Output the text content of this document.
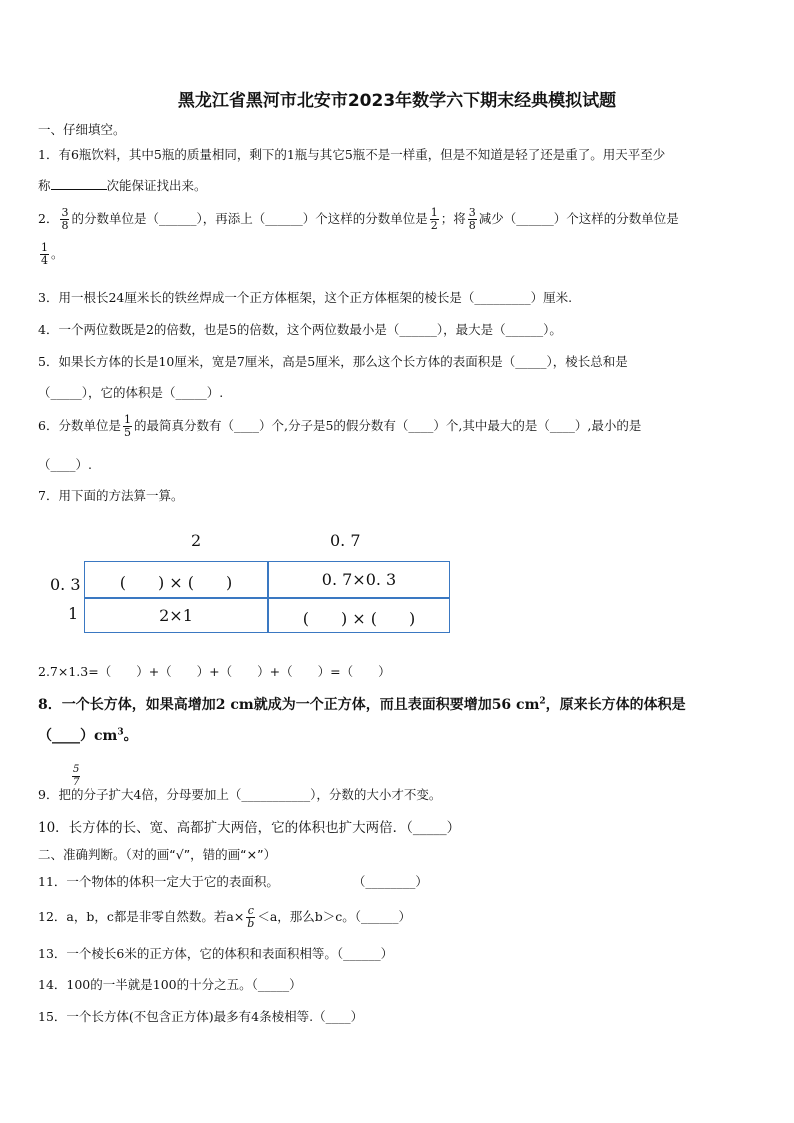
黑龙江省黑河市北安市2023年数学六下期末经典模拟试题
一、仔细填空。
1．有6瓶饮料，其中5瓶的质量相同，剩下的1瓶与其它5瓶不是一样重，但是不知道是轻了还是重了。用天平至少
称	次能保证找出来。
2． $\frac{3}{8}$ 的分数单位是（______），再添上（______）个这样的分数单位是 $\frac{1}{2}$ ；将 $\frac{3}{8}$ 减少（______）个这样的分数单位是
$\frac{1}{4}$ 。
3．用一根长24厘米长的铁丝焊成一个正方体框架，这个正方体框架的棱长是（_________）厘米.
4．一个两位数既是2的倍数，也是5的倍数，这个两位数最小是（______），最大是（______）。
5．如果长方体的长是10厘米，宽是7厘米，高是5厘米，那么这个长方体的表面积是（_____），棱长总和是
（_____），它的体积是（_____）.
6．分数单位是 $\frac{1}{5}$ 的最简真分数有（____）个,分子是5的假分数有（____）个,其中最大的是（____）,最小的是
（____）.
7．用下面的方法算一算。
2	0. 7
0. 3
1
(　　) × (　　)	0. 7×0. 3
2×1	(　　) × (　　)
2.7×1.3=（　　）+（　　）+（　　）+（　　）=（　　）
8．一个长方体，如果高增加2 cm就成为一个正方体，而且表面积要增加56 $cm^2$，原来长方体的体积是
$(\_\_\_\_)cm^3$。
$\frac{5}{7}$
9．把的分子扩大4倍，分母要加上（___________），分数的大小才不变。
10．长方体的长、宽、高都扩大两倍，它的体积也扩大两倍．（_____）
二、准确判断。（对的画“√”，错的画“×”）
11．一个物体的体积一定大于它的表面积。	（________）
12．a，b，c都是非零自然数。若$a\times \frac{c}{b} <a$，那么b＞c。（______）
13．一个棱长6米的正方体，它的体积和表面积相等。（______）
14．100的一半就是100的十分之五。（_____）
15．一个长方体(不包含正方体)最多有4条棱相等.（____）
